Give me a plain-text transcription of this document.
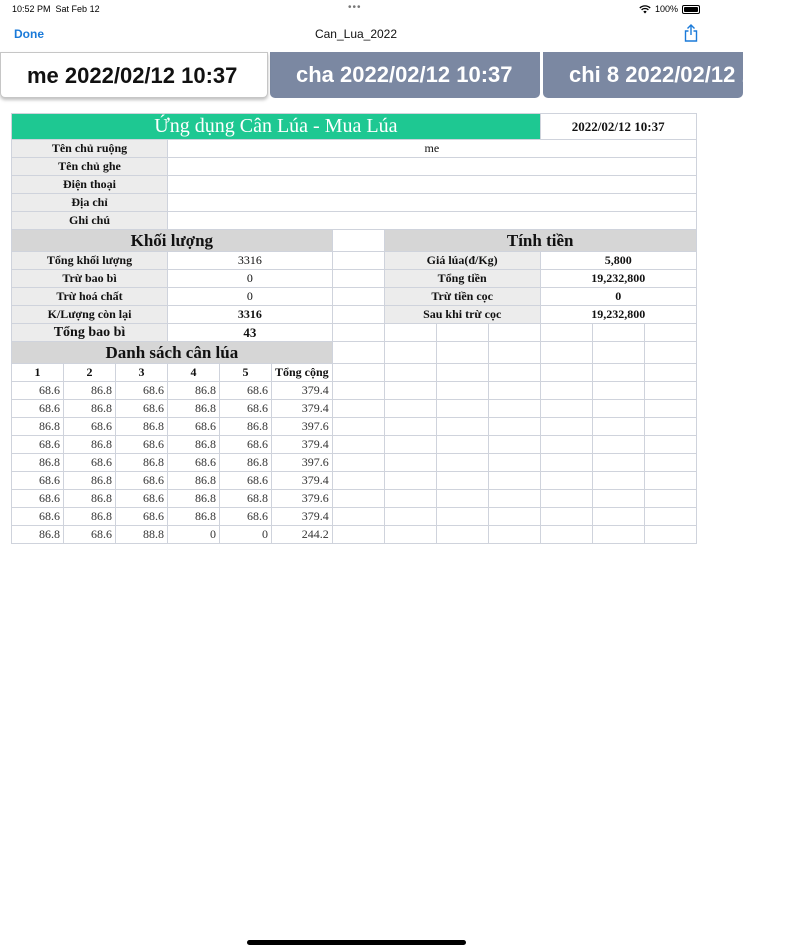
10:52 PM Sat Feb 12	•••	100%
Done	Can_Lua_2022
cha 2022/02/12 10:37	chi 8 2022/02/12 10:37
me 2022/02/12 10:37
Ứng dụng Cân Lúa - Mua Lúa										2022/02/12 10:37		
Tên chủ ruộng			me									
Tên chủ ghe												
Điện thoại												
Địa chỉ												
Ghi chú												
Khối lượng							Tính tiền					
Tổng khối lượng			3316				Giá lúa(đ/Kg)			5,800		
Trừ bao bì			0				Tổng tiền			19,232,800		
Trừ hoá chất			0				Trừ tiền cọc			0		
K/Lượng còn lại			3316				Sau khi trừ cọc			19,232,800		
Tổng bao bì			43									
Danh sách cân lúa												
1	2	3	4	5	Tổng cộng							
68.6	86.8	68.6	86.8	68.6	379.4							
68.6	86.8	68.6	86.8	68.6	379.4							
86.8	68.6	86.8	68.6	86.8	397.6							
68.6	86.8	68.6	86.8	68.6	379.4							
86.8	68.6	86.8	68.6	86.8	397.6							
68.6	86.8	68.6	86.8	68.6	379.4							
68.6	86.8	68.6	86.8	68.8	379.6							
68.6	86.8	68.6	86.8	68.6	379.4							
86.8	68.6	88.8	0	0	244.2							
